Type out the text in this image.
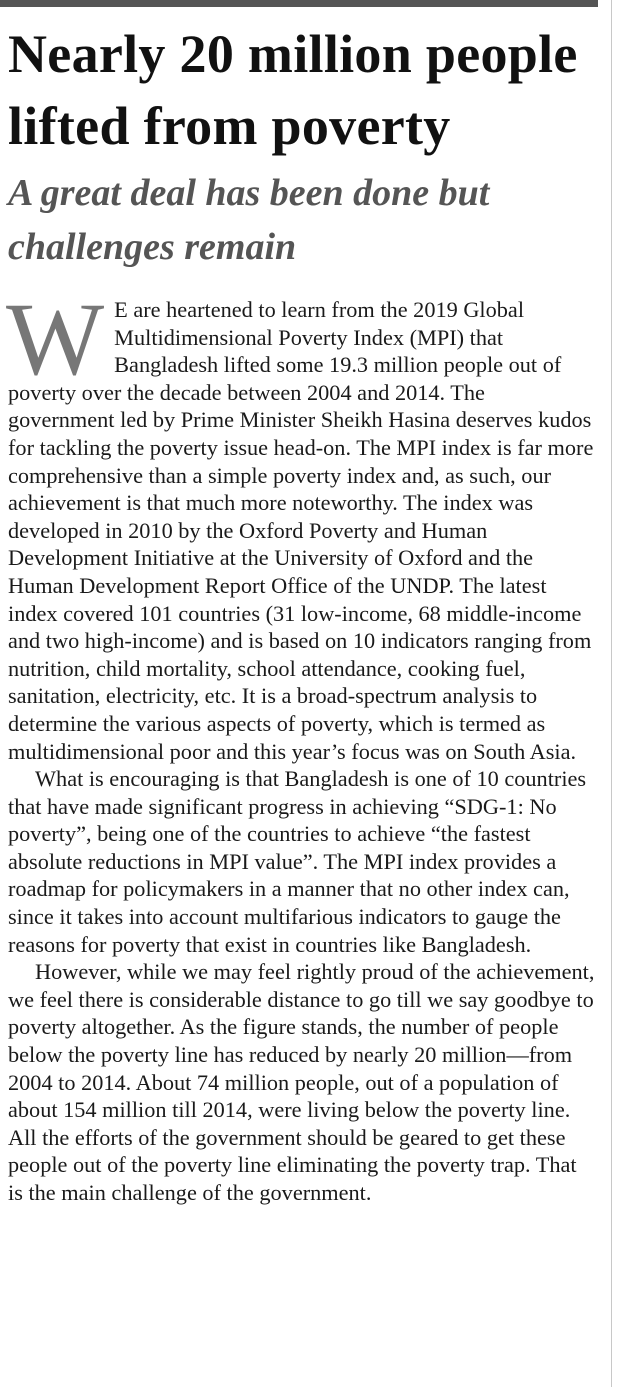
Nearly 20 million people lifted from poverty
A great deal has been done but challenges remain

W E are heartened to learn from the 2019 Global Multidimensional Poverty Index (MPI) that Bangladesh lifted some 19.3 million people out of poverty over the decade between 2004 and 2014. The government led by Prime Minister Sheikh Hasina deserves kudos for tackling the poverty issue head-on. The MPI index is far more comprehensive than a simple poverty index and, as such, our achievement is that much more noteworthy. The index was developed in 2010 by the Oxford Poverty and Human Development Initiative at the University of Oxford and the Human Development Report Office of the UNDP. The latest index covered 101 countries (31 low-income, 68 middle-income and two high-income) and is based on 10 indicators ranging from nutrition, child mortality, school attendance, cooking fuel, sanitation, electricity, etc. It is a broad-spectrum analysis to determine the various aspects of poverty, which is termed as multidimensional poor and this year’s focus was on South Asia.

What is encouraging is that Bangladesh is one of 10 countries that have made significant progress in achieving “SDG-1: No poverty”, being one of the countries to achieve “the fastest absolute reductions in MPI value”. The MPI index provides a roadmap for policymakers in a manner that no other index can, since it takes into account multifarious indicators to gauge the reasons for poverty that exist in countries like Bangladesh.

However, while we may feel rightly proud of the achievement, we feel there is considerable distance to go till we say goodbye to poverty altogether. As the figure stands, the number of people below the poverty line has reduced by nearly 20 million—from 2004 to 2014. About 74 million people, out of a population of about 154 million till 2014, were living below the poverty line. All the efforts of the government should be geared to get these people out of the poverty line eliminating the poverty trap. That is the main challenge of the government.
